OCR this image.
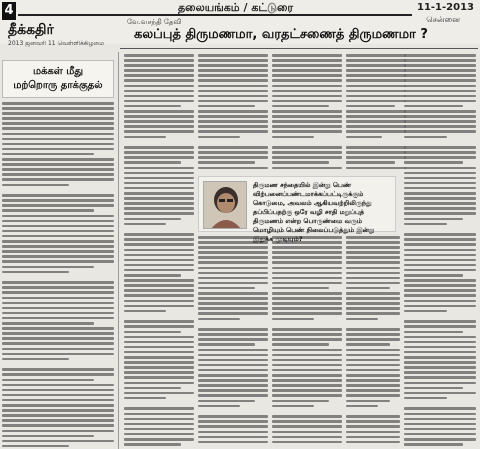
4	தலையங்கம் / கட்டுரை	11-1-2013
சென்னை
தீக்கதிர்
2013 ஜனவரி 11 வெள்ளிக்கிழமை
வே.வசந்தி தேவி
கலப்புத் திருமணமா, வரதட்சணைத் திருமணமா ?
மக்கள் மீது
மற்றொரு தாக்குதல்
திருமண சந்தையில் இன்று பெண் விற்பனைப்பண்டமாக்கப்பட்டிருக்கும் கொடுமை, அவலம் ஆகியவற்றிலிருந்து தப்பிப்பதற்கு ஒரே வழி சாதி மறுப்புத் திருமணம் என்ற பொருண்மை வரும் மொழியும் பெண் நிலைப்படுத்தும் இன்று இதுக்க முடியும்?
